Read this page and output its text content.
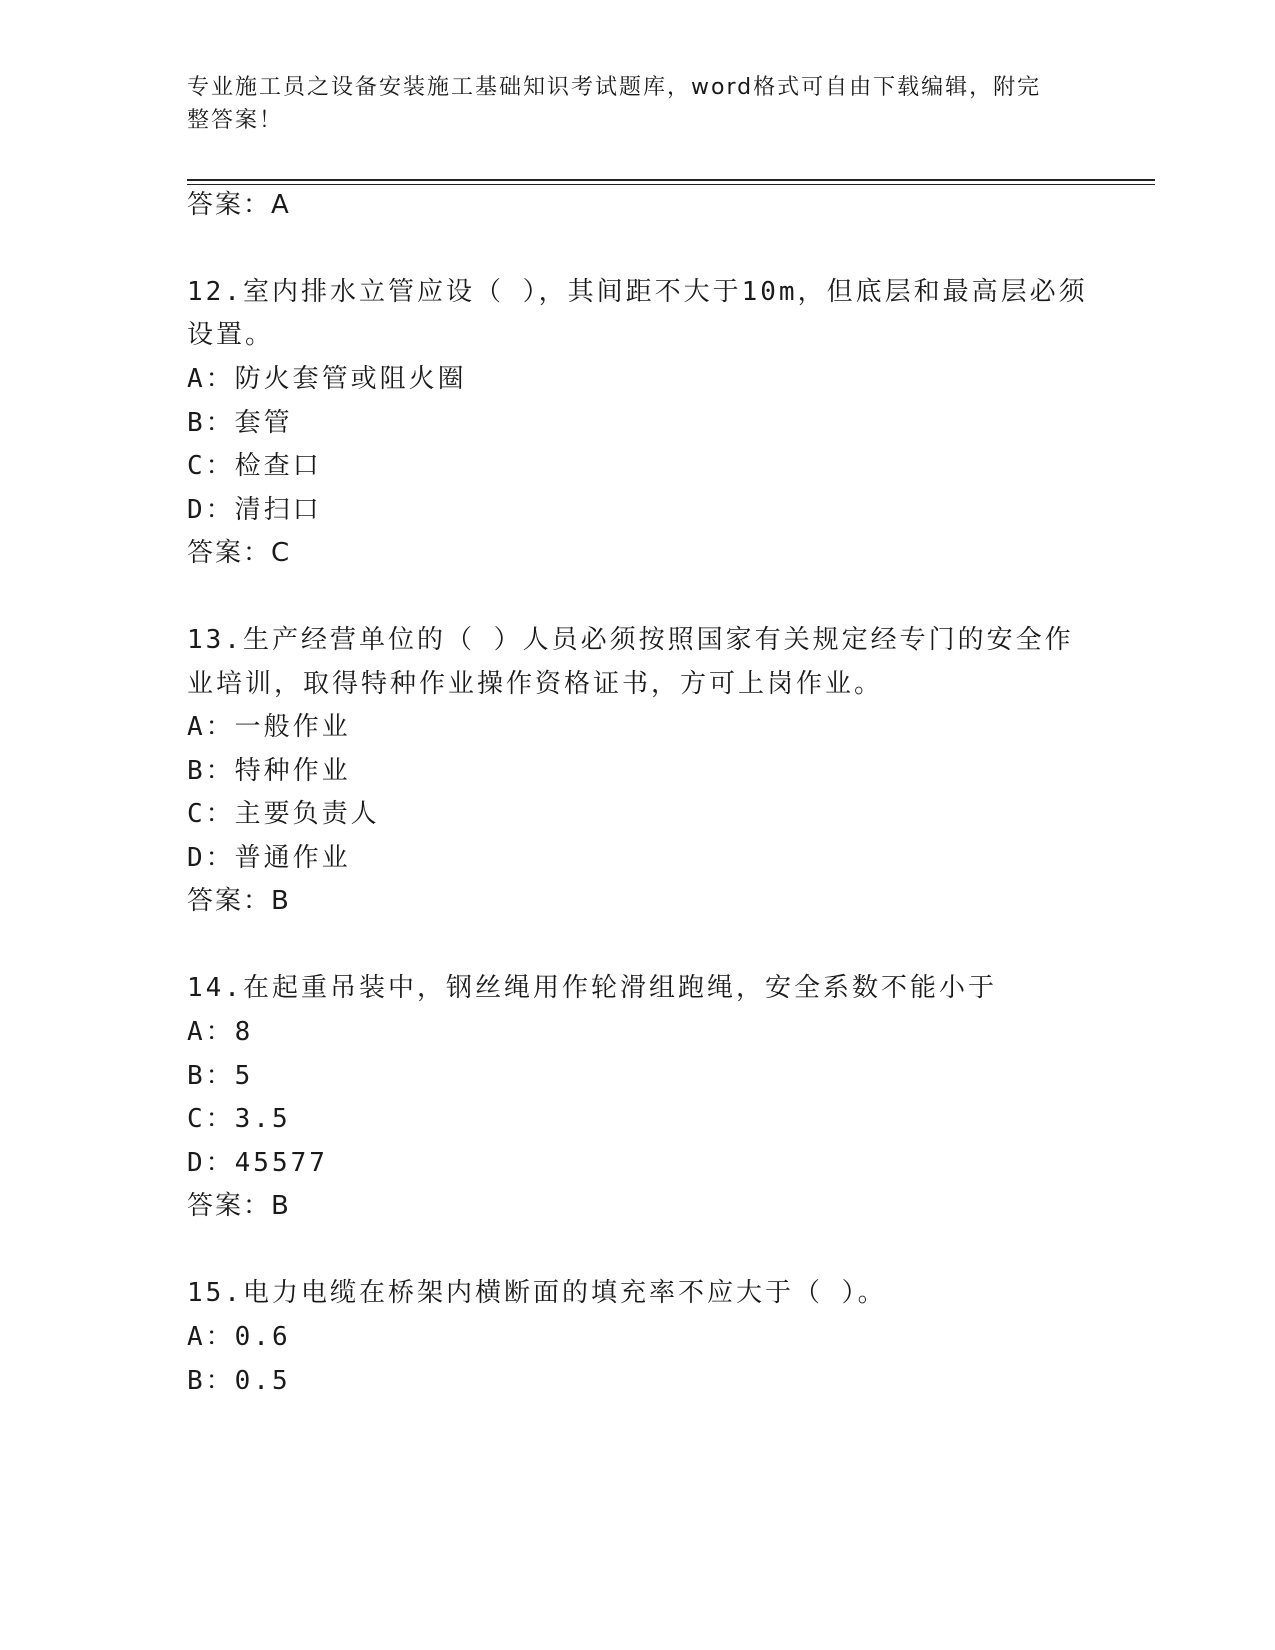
专业施工员之设备安装施工基础知识考试题库，word格式可自由下载编辑，附完
整答案！
答案：A
12.室内排水立管应设（ ），其间距不大于10m，但底层和最高层必须
设置。
A：防火套管或阻火圈
B：套管
C：检查口
D：清扫口
答案：C
13.生产经营单位的（ ）人员必须按照国家有关规定经专门的安全作
业培训，取得特种作业操作资格证书，方可上岗作业。
A：一般作业
B：特种作业
C：主要负责人
D：普通作业
答案：B
14.在起重吊装中，钢丝绳用作轮滑组跑绳，安全系数不能小于
A：8
B：5
C：3.5
D：45577
答案：B
15.电力电缆在桥架内横断面的填充率不应大于（ ）。
A：0.6
B：0.5
